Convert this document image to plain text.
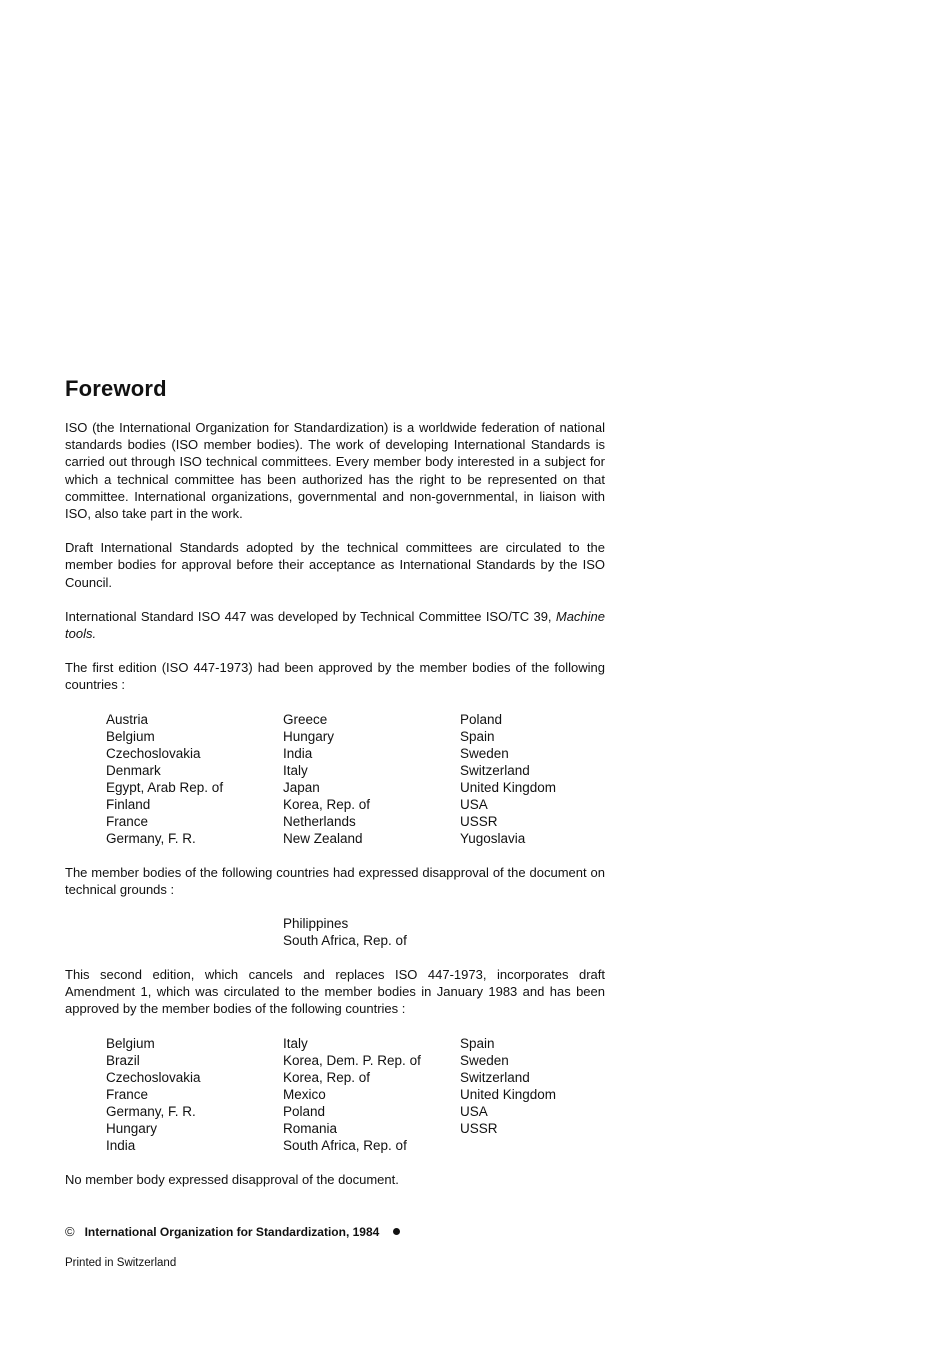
Foreword

ISO (the International Organization for Standardization) is a worldwide federation of national standards bodies (ISO member bodies). The work of developing International Standards is carried out through ISO technical committees. Every member body interested in a subject for which a technical committee has been authorized has the right to be represented on that committee. International organizations, governmental and non-governmental, in liaison with ISO, also take part in the work.

Draft International Standards adopted by the technical committees are circulated to the member bodies for approval before their acceptance as International Standards by the ISO Council.

International Standard ISO 447 was developed by Technical Committee ISO/TC 39, Machine tools.

The first edition (ISO 447-1973) had been approved by the member bodies of the following countries :

Austria
Belgium
Czechoslovakia
Denmark
Egypt, Arab Rep. of
Finland
France
Germany, F. R.
Greece
Hungary
India
Italy
Japan
Korea, Rep. of
Netherlands
New Zealand
Poland
Spain
Sweden
Switzerland
United Kingdom
USA
USSR
Yugoslavia

The member bodies of the following countries had expressed disapproval of the document on technical grounds :

Philippines
South Africa, Rep. of

This second edition, which cancels and replaces ISO 447-1973, incorporates draft Amendment 1, which was circulated to the member bodies in January 1983 and has been approved by the member bodies of the following countries :

Belgium
Brazil
Czechoslovakia
France
Germany, F. R.
Hungary
India
Italy
Korea, Dem. P. Rep. of
Korea, Rep. of
Mexico
Poland
Romania
South Africa, Rep. of
Spain
Sweden
Switzerland
United Kingdom
USA
USSR

No member body expressed disapproval of the document.

© International Organization for Standardization, 1984
Printed in Switzerland
